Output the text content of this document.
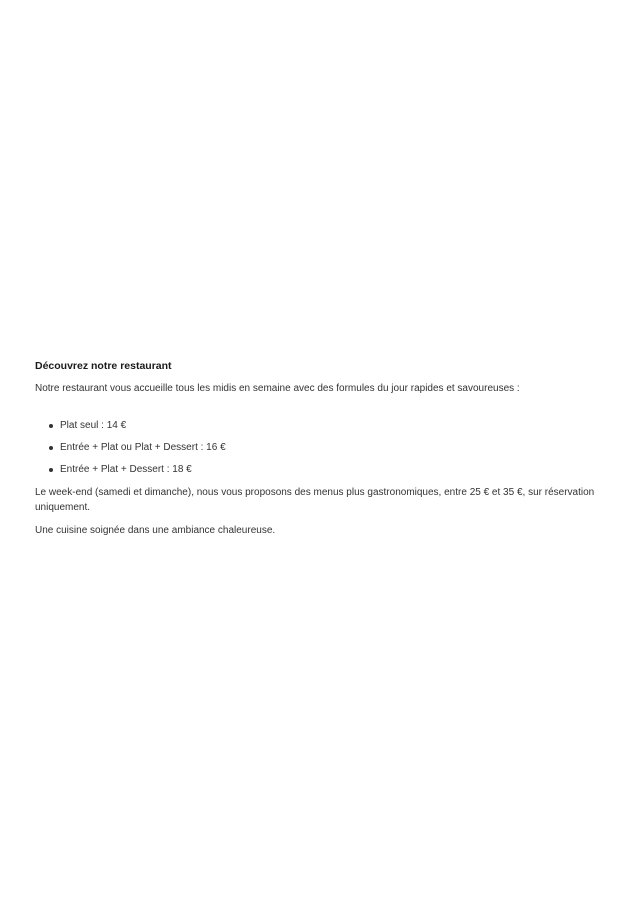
Découvrez notre restaurant

Notre restaurant vous accueille tous les midis en semaine avec des formules du jour rapides et savoureuses :

Plat seul : 14 €
Entrée + Plat ou Plat + Dessert : 16 €
Entrée + Plat + Dessert : 18 €

Le week-end (samedi et dimanche), nous vous proposons des menus plus gastronomiques, entre 25 € et 35 €, sur réservation uniquement.

Une cuisine soignée dans une ambiance chaleureuse.
